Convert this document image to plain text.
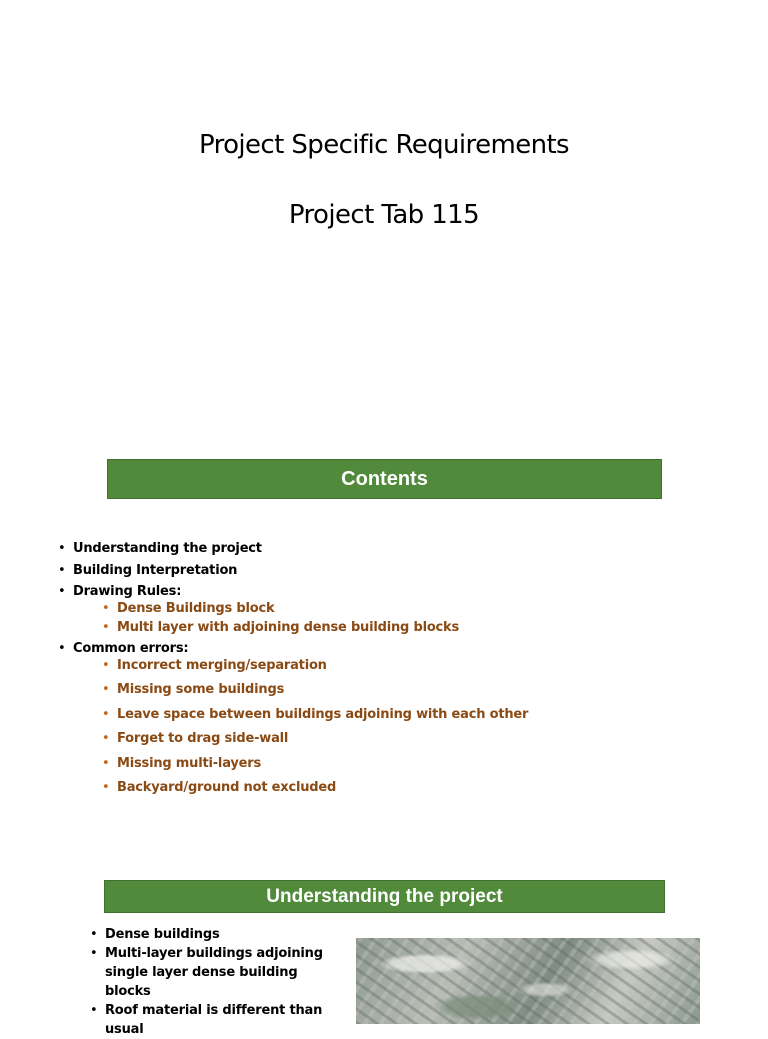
Project Specific Requirements
Project Tab 115
Contents
• Understanding the project
• Building Interpretation
• Drawing Rules:
• Dense Buildings block
• Multi layer with adjoining dense building blocks
• Common errors:
• Incorrect merging/separation
• Missing some buildings
• Leave space between buildings adjoining with each other
• Forget to drag side-wall
• Missing multi-layers
• Backyard/ground not excluded
Understanding the project
• Dense buildings
• Multi-layer buildings adjoining single layer dense building blocks
• Roof material is different than usual
